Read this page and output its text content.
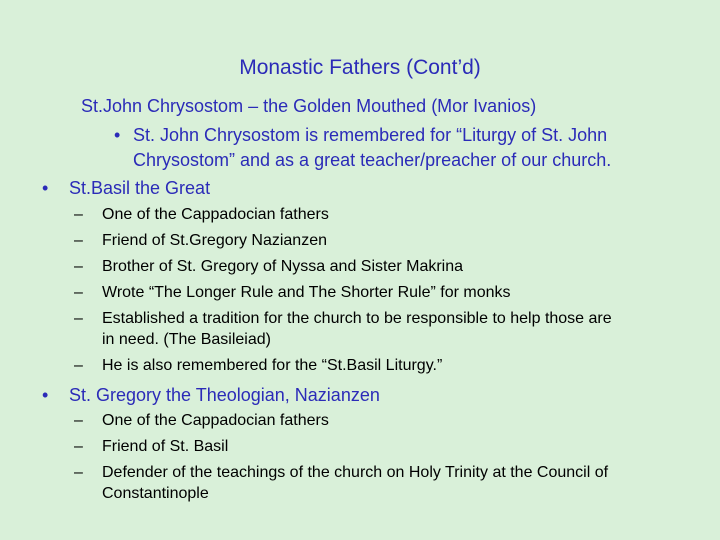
Monastic Fathers (Cont’d)
St.John Chrysostom – the Golden Mouthed (Mor Ivanios)
• St. John Chrysostom is remembered for “Liturgy of St. John
Chrysostom” and as a great teacher/preacher of our church.
• St.Basil the Great
– One of the Cappadocian fathers
– Friend of St.Gregory Nazianzen
– Brother of St. Gregory of Nyssa and Sister Makrina
– Wrote “The Longer Rule and The Shorter Rule” for monks
– Established a tradition for the church to be responsible to help those are
in need. (The Basileiad)
– He is also remembered for the “St.Basil Liturgy.”
• St. Gregory the Theologian, Nazianzen
– One of the Cappadocian fathers
– Friend of St. Basil
– Defender of the teachings of the church on Holy Trinity at the Council of
Constantinople
